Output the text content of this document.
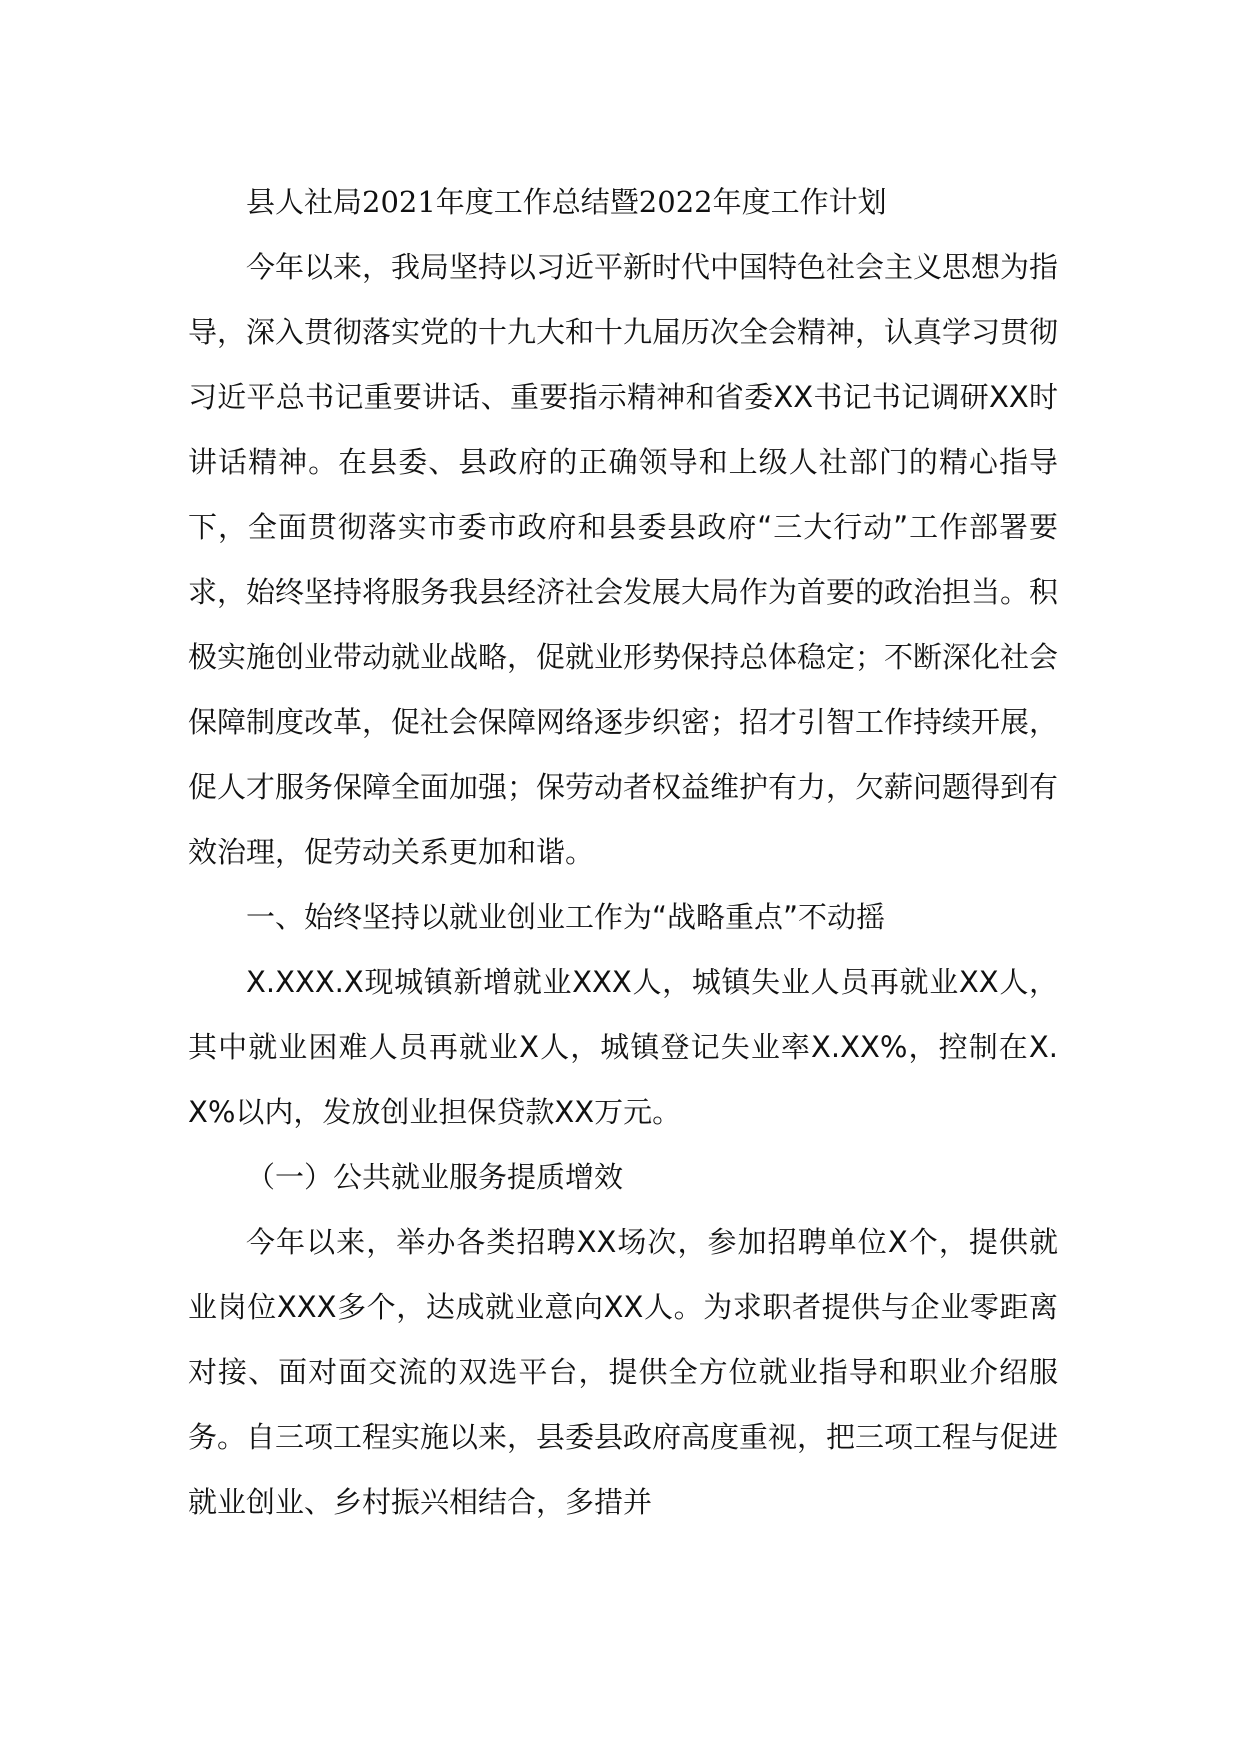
县人社局2021年度工作总结暨2022年度工作计划

今年以来，我局坚持以习近平新时代中国特色社会主义思想为指导，深入贯彻落实党的十九大和十九届历次全会精神，认真学习贯彻习近平总书记重要讲话、重要指示精神和省委XX书记书记调研XX时讲话精神。在县委、县政府的正确领导和上级人社部门的精心指导下，全面贯彻落实市委市政府和县委县政府“三大行动”工作部署要求，始终坚持将服务我县经济社会发展大局作为首要的政治担当。积极实施创业带动就业战略，促就业形势保持总体稳定；不断深化社会保障制度改革，促社会保障网络逐步织密；招才引智工作持续开展，促人才服务保障全面加强；保劳动者权益维护有力，欠薪问题得到有效治理，促劳动关系更加和谐。

一、始终坚持以就业创业工作为“战略重点”不动摇

X.XXX.X现城镇新增就业XXX人，城镇失业人员再就业XX人，其中就业困难人员再就业X人，城镇登记失业率X.XX%，控制在X.X%以内，发放创业担保贷款XX万元。

（一）公共就业服务提质增效

今年以来，举办各类招聘XX场次，参加招聘单位X个，提供就业岗位XXX多个，达成就业意向XX人。为求职者提供与企业零距离对接、面对面交流的双选平台，提供全方位就业指导和职业介绍服务。自三项工程实施以来，县委县政府高度重视，把三项工程与促进就业创业、乡村振兴相结合，多措并
